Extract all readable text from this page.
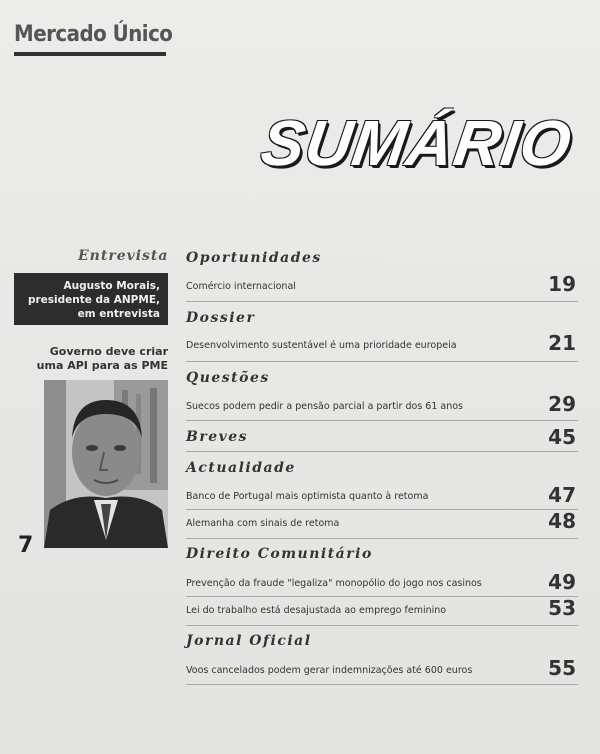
Mercado Único
SUMÁRIO
Entrevista
Augusto Morais,
presidente da ANPME,
em entrevista
Governo deve criar
uma API para as PME
7
Oportunidades
Comércio internacional	19
Dossier
Desenvolvimento sustentável é uma prioridade europeia	21
Questões
Suecos podem pedir a pensão parcial a partir dos 61 anos	29
Breves	45
Actualidade
Banco de Portugal mais optimista quanto à retoma	47
Alemanha com sinais de retoma	48
Direito Comunitário
Prevenção da fraude "legaliza" monopólio do jogo nos casinos	49
Lei do trabalho está desajustada ao emprego feminino	53
Jornal Oficial
Voos cancelados podem gerar indemnizações até 600 euros	55
